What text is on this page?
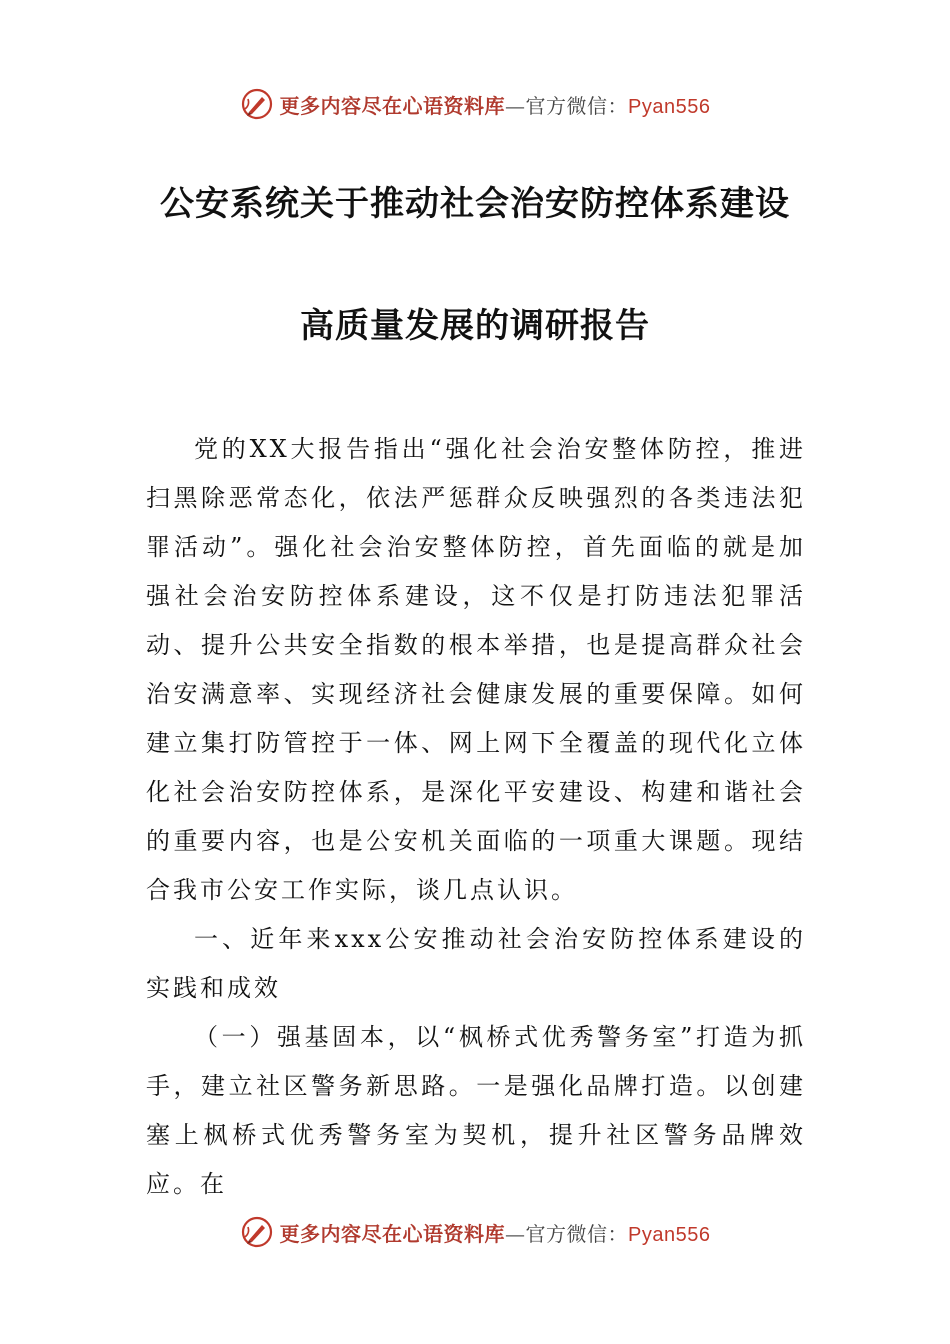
更多内容尽在心语资料库—官方微信：Pyan556
公安系统关于推动社会治安防控体系建设
高质量发展的调研报告

党的XX大报告指出“强化社会治安整体防控，推进扫黑除恶常态化，依法严惩群众反映强烈的各类违法犯罪活动”。强化社会治安整体防控，首先面临的就是加强社会治安防控体系建设，这不仅是打防违法犯罪活动、提升公共安全指数的根本举措，也是提高群众社会治安满意率、实现经济社会健康发展的重要保障。如何建立集打防管控于一体、网上网下全覆盖的现代化立体化社会治安防控体系，是深化平安建设、构建和谐社会的重要内容，也是公安机关面临的一项重大课题。现结合我市公安工作实际，谈几点认识。

一、近年来xxx公安推动社会治安防控体系建设的实践和成效

（一）强基固本，以“枫桥式优秀警务室”打造为抓手，建立社区警务新思路。一是强化品牌打造。以创建塞上枫桥式优秀警务室为契机，提升社区警务品牌效应。在

更多内容尽在心语资料库—官方微信：Pyan556
